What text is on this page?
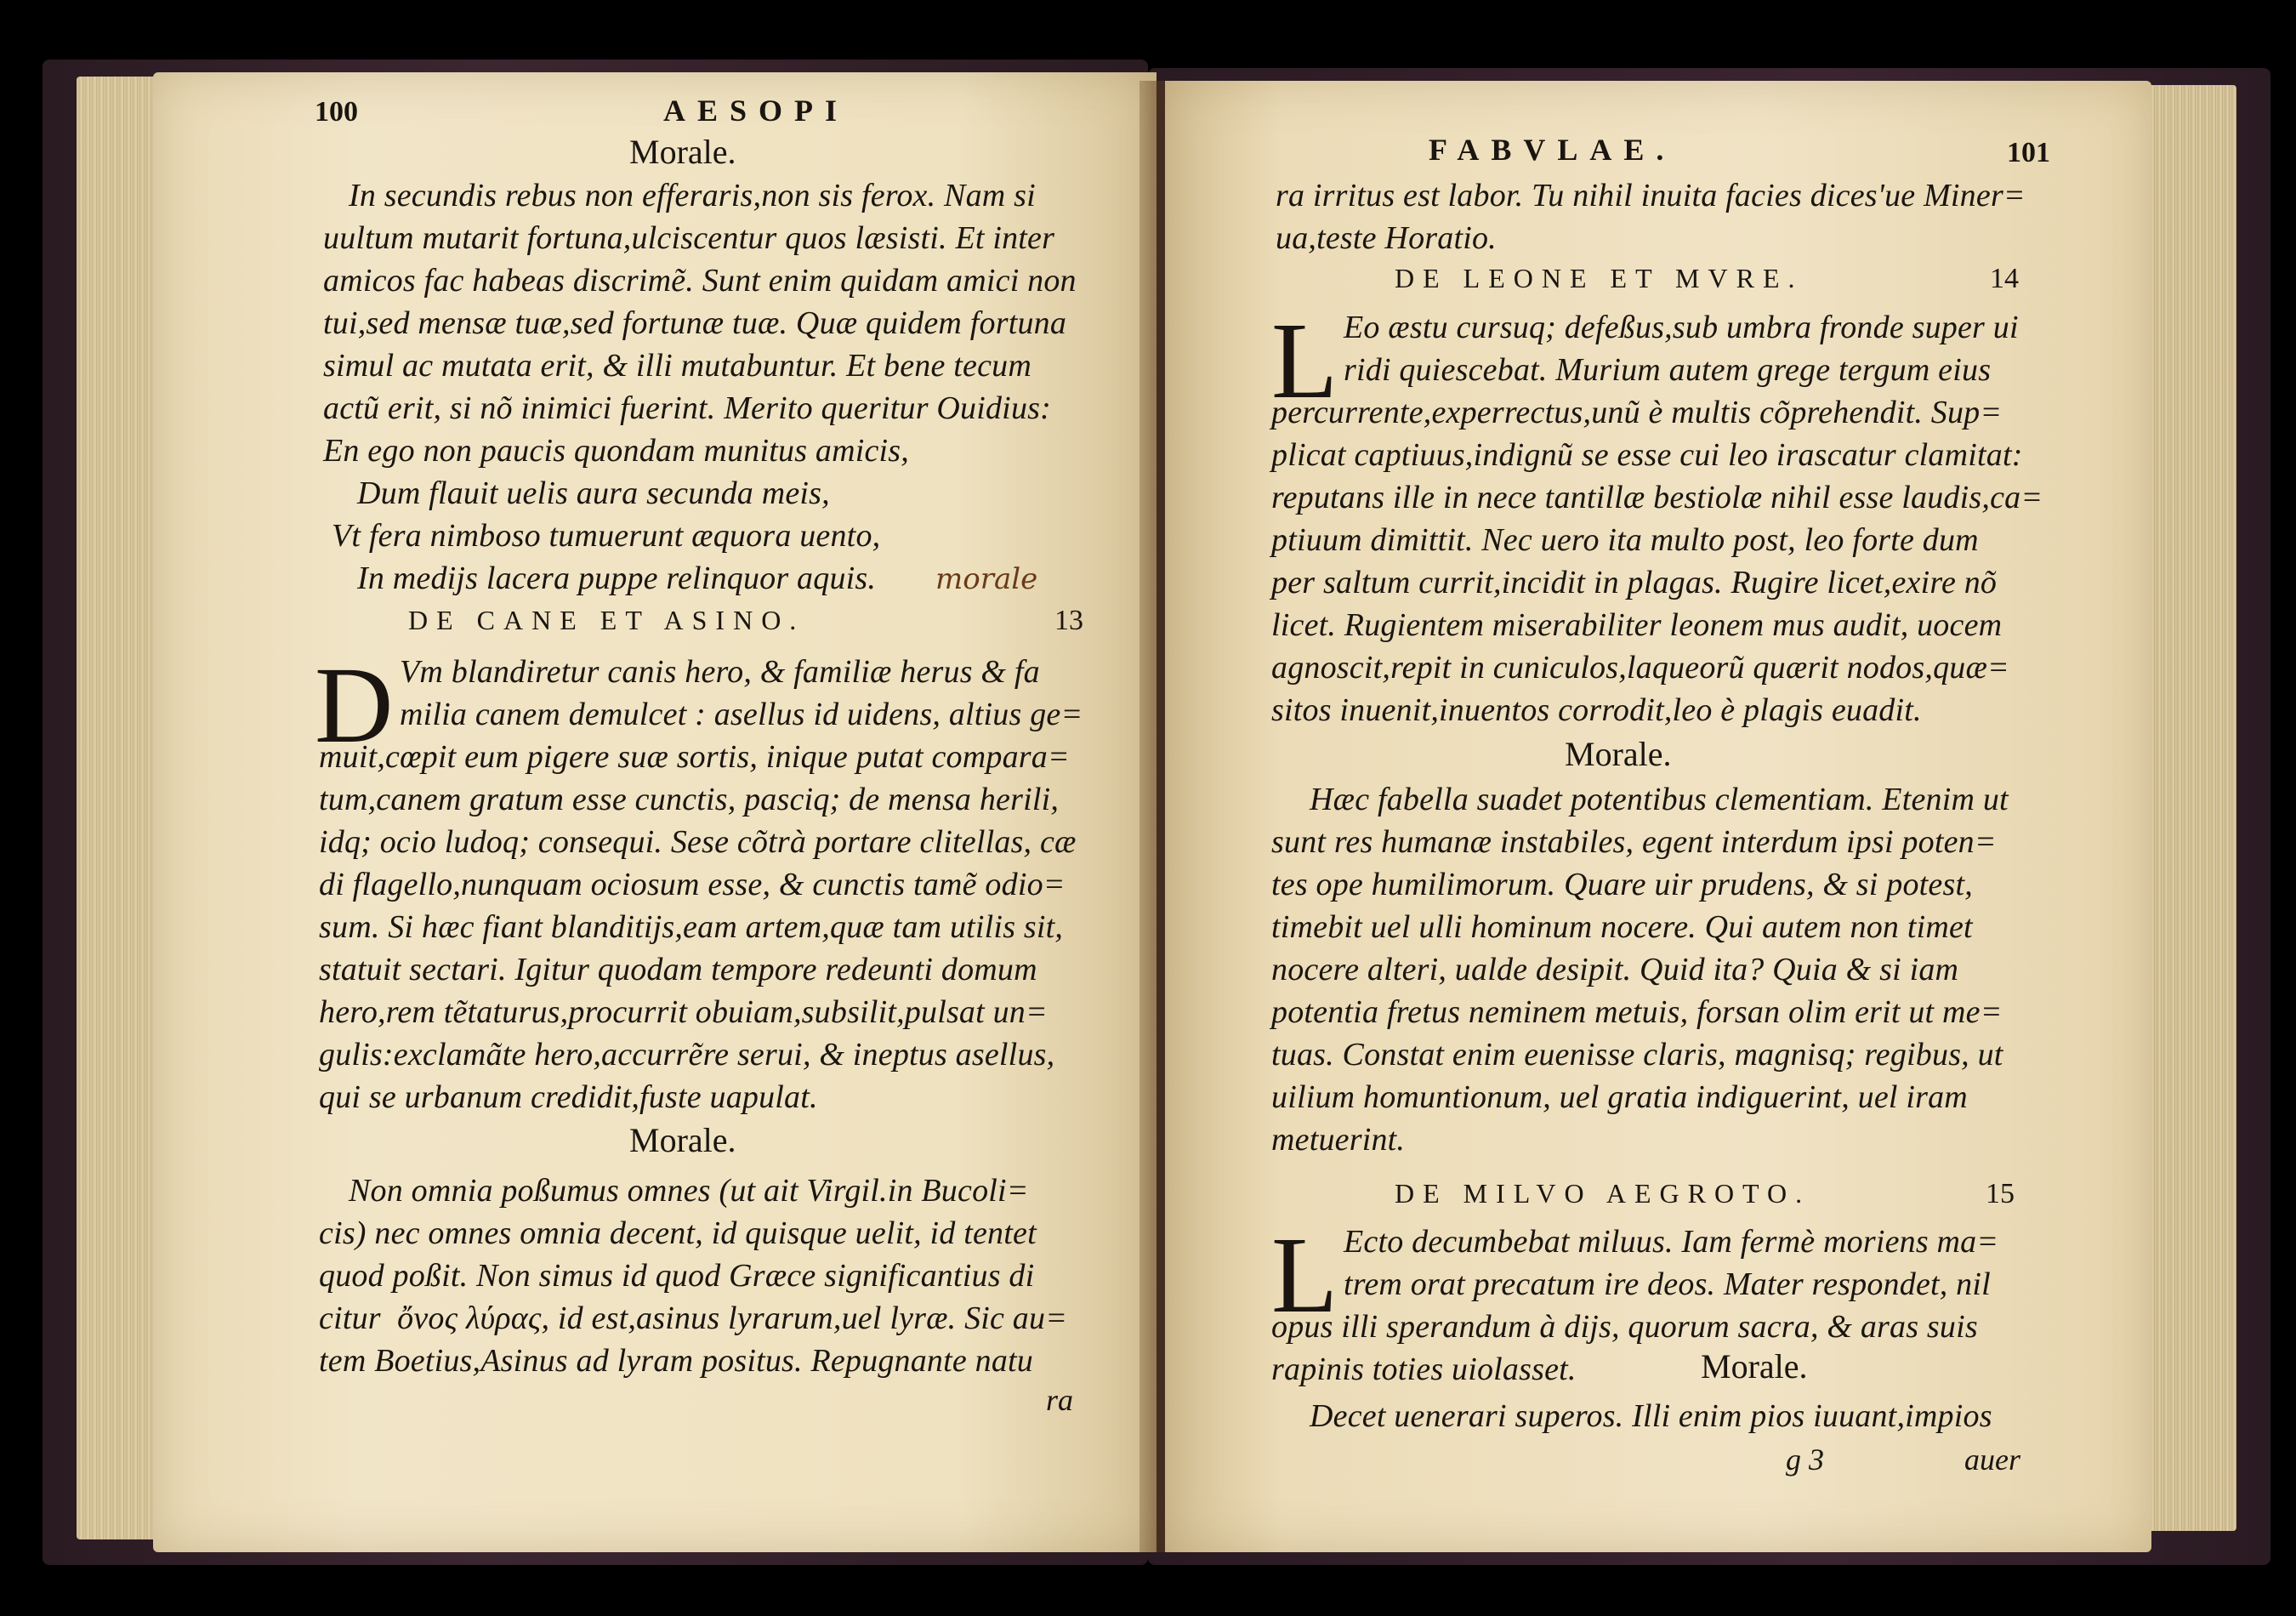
100	AESOPI
Morale.
In secundis rebus non efferaris,non sis ferox. Nam si
uultum mutarit fortuna,ulciscentur quos læsisti. Et inter
amicos fac habeas discrimẽ. Sunt enim quidam amici non
tui,sed mensæ tuæ,sed fortunæ tuæ. Quæ quidem fortuna
simul ac mutata erit, & illi mutabuntur. Et bene tecum
actũ erit, si nõ inimici fuerint. Merito queritur Ouidius:
En ego non paucis quondam munitus amicis,
Dum flauit uelis aura secunda meis,
Vt fera nimboso tumuerunt æquora uento,
In medijs lacera puppe relinquor aquis. morale
DE CANE ET ASINO.	13
D Vm blandiretur canis hero, & familiæ herus & fa
milia canem demulcet : asellus id uidens, altius ge=
muit,cœpit eum pigere suæ sortis, inique putat compara=
tum,canem gratum esse cunctis, pasciq; de mensa herili,
idq; ocio ludoq; consequi. Sese cõtrà portare clitellas, cæ
di flagello,nunquam ociosum esse, & cunctis tamẽ odio=
sum. Si hæc fiant blanditijs,eam artem,quæ tam utilis sit,
statuit sectari. Igitur quodam tempore redeunti domum
hero,rem tẽtaturus,procurrit obuiam,subsilit,pulsat un=
gulis:exclamãte hero,accurrẽre serui, & ineptus asellus,
qui se urbanum credidit,fuste uapulat.
Morale.
Non omnia poßumus omnes (ut ait Virgil.in Bucoli=
cis) nec omnes omnia decent, id quisque uelit, id tentet
quod poßit. Non simus id quod Græce significantius di
citur  ὄνος λύρας, id est,asinus lyrarum,uel lyræ. Sic au=
tem Boetius,Asinus ad lyram positus. Repugnante natu
ra
FABVLAE.	101
ra irritus est labor. Tu nihil inuita facies dices'ue Miner=
ua,teste Horatio.
DE LEONE ET MVRE.	14
L Eo æstu cursuq; defeßus,sub umbra fronde super ui
ridi quiescebat. Murium autem grege tergum eius
percurrente,experrectus,unũ è multis cõprehendit. Sup=
plicat captiuus,indignũ se esse cui leo irascatur clamitat:
reputans ille in nece tantillæ bestiolæ nihil esse laudis,ca=
ptiuum dimittit. Nec uero ita multo post, leo forte dum
per saltum currit,incidit in plagas. Rugire licet,exire nõ
licet. Rugientem miserabiliter leonem mus audit, uocem
agnoscit,repit in cuniculos,laqueorũ quærit nodos,quæ=
sitos inuenit,inuentos corrodit,leo è plagis euadit.
Morale.
Hæc fabella suadet potentibus clementiam. Etenim ut
sunt res humanæ instabiles, egent interdum ipsi poten=
tes ope humilimorum. Quare uir prudens, & si potest,
timebit uel ulli hominum nocere. Qui autem non timet
nocere alteri, ualde desipit. Quid ita? Quia & si iam
potentia fretus neminem metuis, forsan olim erit ut me=
tuas. Constat enim euenisse claris, magnisq; regibus, ut
uilium homuntionum, uel gratia indiguerint, uel iram
metuerint.
DE MILVO AEGROTO.	15
L Ecto decumbebat miluus. Iam fermè moriens ma=
trem orat precatum ire deos. Mater respondet, nil
opus illi sperandum à dijs, quorum sacra, & aras suis
rapinis toties uiolasset.	Morale.
Decet uenerari superos. Illi enim pios iuuant,impios
g 3	auer
